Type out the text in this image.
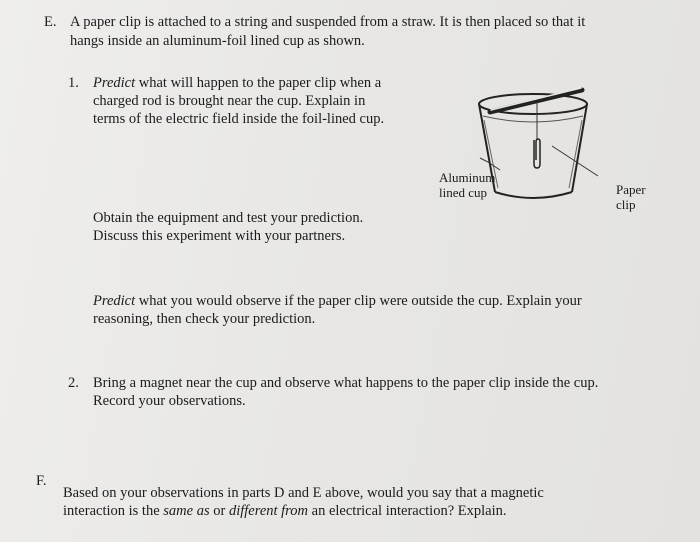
E. A paper clip is attached to a string and suspended from a straw. It is then placed so that it
hangs inside an aluminum-foil lined cup as shown.
1. Predict what will happen to the paper clip when a
charged rod is brought near the cup. Explain in
terms of the electric field inside the foil-lined cup.
Obtain the equipment and test your prediction.
Discuss this experiment with your partners.
Predict what you would observe if the paper clip were outside the cup. Explain your
reasoning, then check your prediction.
Aluminum
lined cup	Paper
clip
2. Bring a magnet near the cup and observe what happens to the paper clip inside the cup.
Record your observations.
F.
Based on your observations in parts D and E above, would you say that a magnetic
interaction is the same as or different from an electrical interaction? Explain.
